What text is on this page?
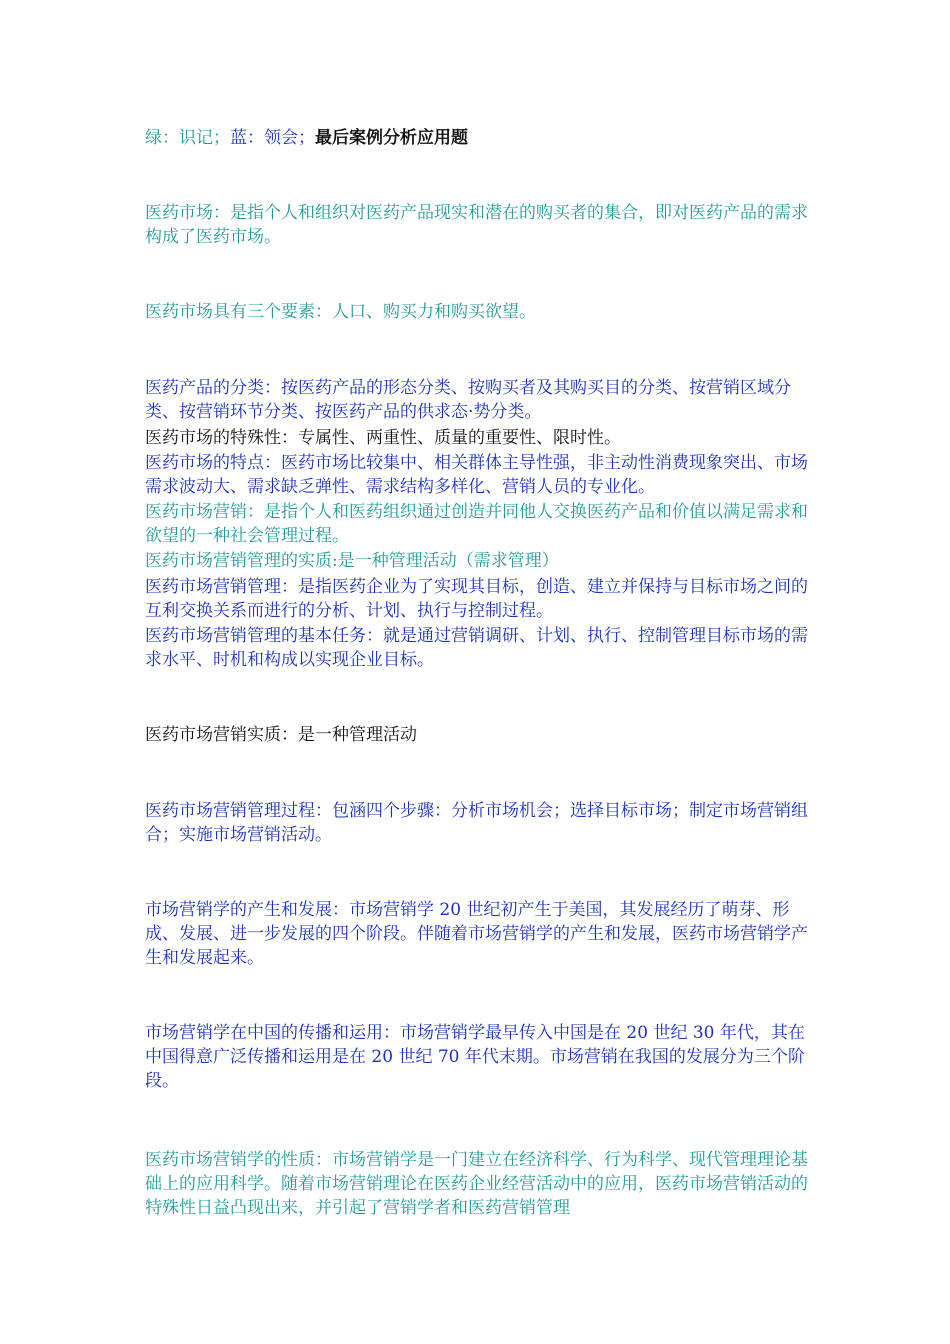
绿：识记；蓝：领会；最后案例分析应用题

医药市场：是指个人和组织对医药产品现实和潜在的购买者的集合，即对医药产品的需求构成了医药市场。

医药市场具有三个要素：人口、购买力和购买欲望。

医药产品的分类：按医药产品的形态分类、按购买者及其购买目的分类、按营销区域分类、按营销环节分类、按医药产品的供求态·势分类。

医药市场的特殊性：专属性、两重性、质量的重要性、限时性。

医药市场的特点：医药市场比较集中、相关群体主导性强，非主动性消费现象突出、市场需求波动大、需求缺乏弹性、需求结构多样化、营销人员的专业化。

医药市场营销：是指个人和医药组织通过创造并同他人交换医药产品和价值以满足需求和欲望的一种社会管理过程。

医药市场营销管理的实质:是一种管理活动（需求管理）

医药市场营销管理：是指医药企业为了实现其目标，创造、建立并保持与目标市场之间的互利交换关系而进行的分析、计划、执行与控制过程。

医药市场营销管理的基本任务：就是通过营销调研、计划、执行、控制管理目标市场的需求水平、时机和构成以实现企业目标。

医药市场营销实质：是一种管理活动

医药市场营销管理过程：包涵四个步骤：分析市场机会；选择目标市场；制定市场营销组合；实施市场营销活动。

市场营销学的产生和发展：市场营销学 20 世纪初产生于美国，其发展经历了萌芽、形成、发展、进一步发展的四个阶段。伴随着市场营销学的产生和发展，医药市场营销学产生和发展起来。

市场营销学在中国的传播和运用：市场营销学最早传入中国是在 20 世纪 30 年代，其在中国得意广泛传播和运用是在 20 世纪 70 年代末期。市场营销在我国的发展分为三个阶段。

医药市场营销学的性质：市场营销学是一门建立在经济科学、行为科学、现代管理理论基础上的应用科学。随着市场营销理论在医药企业经营活动中的应用，医药市场营销活动的特殊性日益凸现出来，并引起了营销学者和医药营销管理
